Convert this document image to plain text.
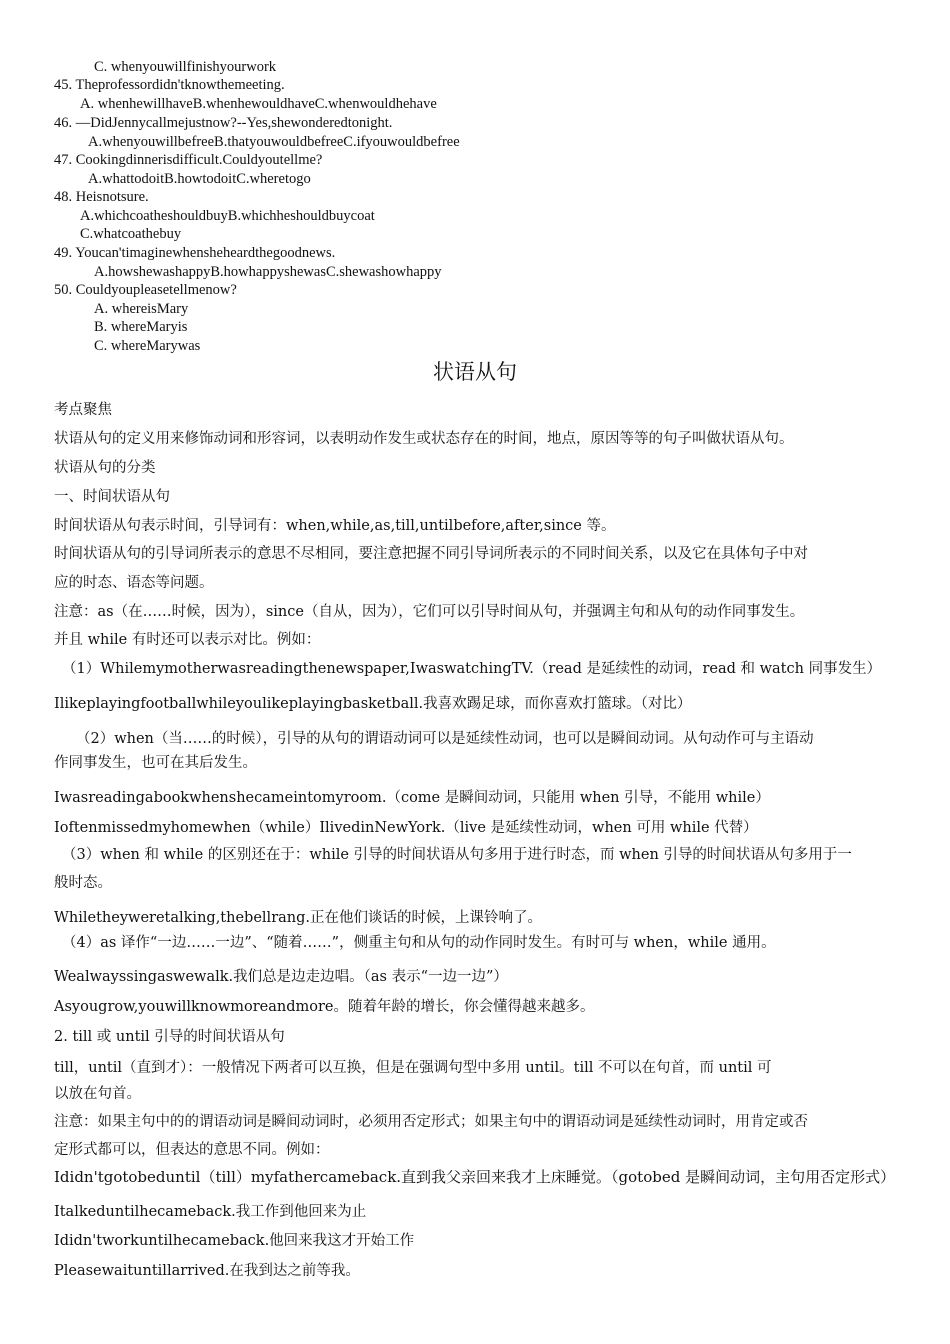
C. whenyouwillfinishyourwork
45. Theprofessordidn'tknowthemeeting.
A. whenhewillhaveB.whenhewouldhaveC.whenwouldhehave
46. —DidJennycallmejustnow?--Yes,shewonderedtonight.
A.whenyouwillbefreeB.thatyouwouldbefreeC.ifyouwouldbefree
47. Cookingdinnerisdifficult.Couldyoutellme?
A.whattodoitB.howtodoitC.wheretogo
48. Heisnotsure.
A.whichcoatheshouldbuyB.whichheshouldbuycoat
C.whatcoathebuy
49. Youcan'timaginewhensheheardthegoodnews.
A.howshewashappyB.howhappyshewasC.shewashowhappy
50. Couldyoupleasetellmenow?
A. whereisMary
B. whereMaryis
C. whereMarywas
状语从句
考点聚焦
状语从句的定义用来修饰动词和形容词，以表明动作发生或状态存在的时间，地点，原因等等的句子叫做状语从句。
状语从句的分类
一、时间状语从句
时间状语从句表示时间，引导词有：when,while,as,till,untilbefore,after,since 等。
时间状语从句的引导词所表示的意思不尽相同，要注意把握不同引导词所表示的不同时间关系，以及它在具体句子中对
应的时态、语态等问题。
注意：as（在……时候，因为），since（自从，因为），它们可以引导时间从句，并强调主句和从句的动作同事发生。
并且 while 有时还可以表示对比。例如：
（1）Whilemymotherwasreadingthenewspaper,IwaswatchingTV.（read 是延续性的动词，read 和 watch 同事发生）
Ilikeplayingfootballwhileyoulikeplayingbasketball.我喜欢踢足球，而你喜欢打篮球。（对比）
（2）when（当……的时候），引导的从句的谓语动词可以是延续性动词，也可以是瞬间动词。从句动作可与主语动
作同事发生，也可在其后发生。
Iwasreadingabookwhenshecameintomyroom.（come 是瞬间动词，只能用 when 引导，不能用 while）
Ioftenmissedmyhomewhen（while）IlivedinNewYork.（live 是延续性动词，when 可用 while 代替）
（3）when 和 while 的区别还在于：while 引导的时间状语从句多用于进行时态，而 when 引导的时间状语从句多用于一
般时态。
Whiletheyweretalking,thebellrang.正在他们谈话的时候，上课铃响了。
（4）as 译作“一边……一边”、“随着……”，侧重主句和从句的动作同时发生。有时可与 when，while 通用。
Wealwayssingaswewalk.我们总是边走边唱。（as 表示“一边一边”）
Asyougrow,youwillknowmoreandmore。随着年龄的增长，你会懂得越来越多。
2. till 或 until 引导的时间状语从句
till，until（直到才）：一般情况下两者可以互换，但是在强调句型中多用 until。till 不可以在句首，而 until 可
以放在句首。
注意：如果主句中的的谓语动词是瞬间动词时，必须用否定形式；如果主句中的谓语动词是延续性动词时，用肯定或否
定形式都可以，但表达的意思不同。例如：
Ididn'tgotobeduntil（till）myfathercameback.直到我父亲回来我才上床睡觉。（gotobed 是瞬间动词，主句用否定形式）
Italkeduntilhecameback.我工作到他回来为止
Ididn'tworkuntilhecameback.他回来我这才开始工作
Pleasewaituntillarrived.在我到达之前等我。
